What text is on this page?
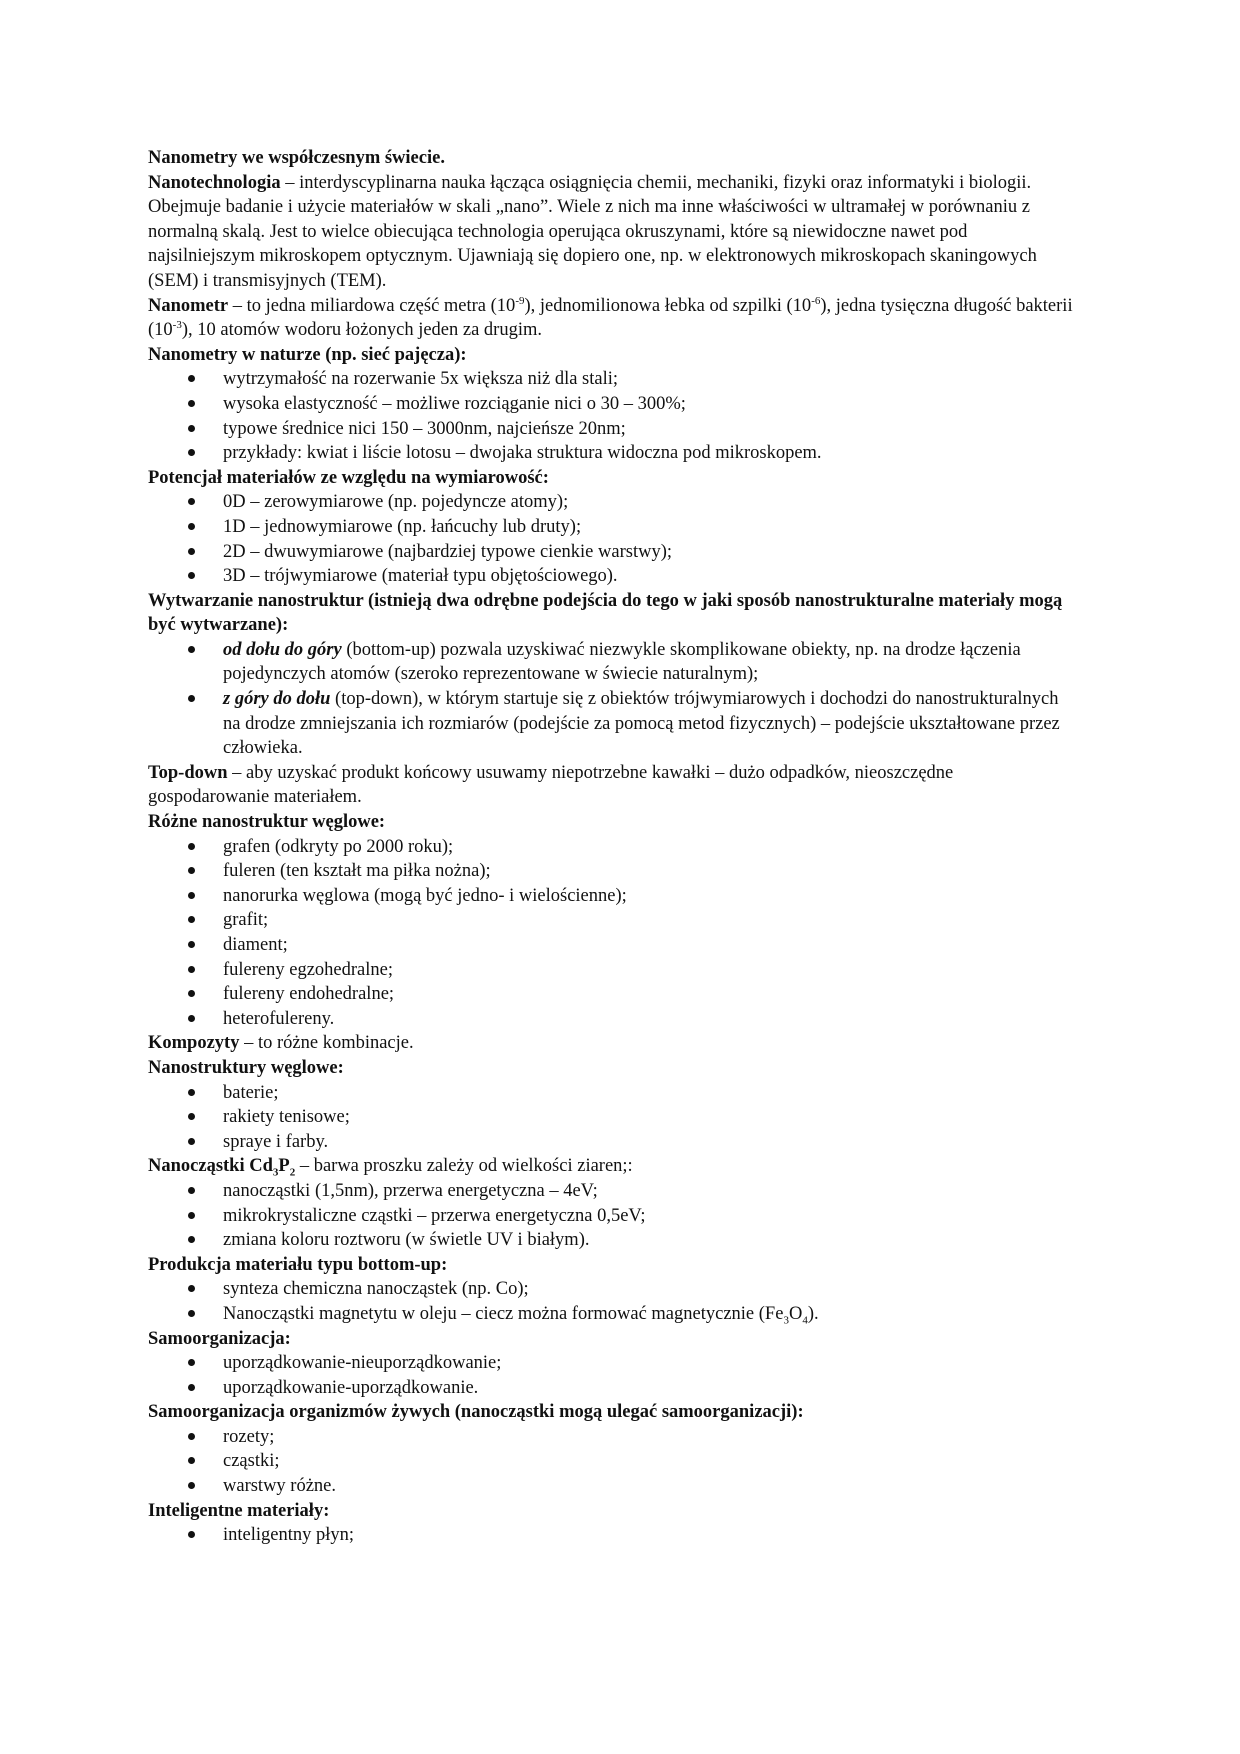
Nanometry we współczesnym świecie.

Nanotechnologia – interdyscyplinarna nauka łącząca osiągnięcia chemii, mechaniki, fizyki oraz informatyki i biologii.

Obejmuje badanie i użycie materiałów w skali „nano”. Wiele z nich ma inne właściwości w ultramałej w porównaniu z normalną skalą. Jest to wielce obiecująca technologia operująca okruszynami, które są niewidoczne nawet pod najsilniejszym mikroskopem optycznym. Ujawniają się dopiero one, np. w elektronowych mikroskopach skaningowych (SEM) i transmisyjnych (TEM).

Nanometr – to jedna miliardowa część metra $(10^{-9})$, jednomilionowa łebka od szpilki $(10^{-6})$, jedna tysięczna długość bakterii $(10^{-3})$, 10 atomów wodoru łożonych jeden za drugim.

Nanometry w naturze (np. sieć pajęcza):

wytrzymałość na rozerwanie 5x większa niż dla stali;
wysoka elastyczność – możliwe rozciąganie nici o 30 – 300%;
typowe średnice nici 150 – 3000nm, najcieńsze 20nm;
przykłady: kwiat i liście lotosu – dwojaka struktura widoczna pod mikroskopem.

Potencjał materiałów ze względu na wymiarowość:

0D – zerowymiarowe (np. pojedyncze atomy);
1D – jednowymiarowe (np. łańcuchy lub druty);
2D – dwuwymiarowe (najbardziej typowe cienkie warstwy);
3D – trójwymiarowe (materiał typu objętościowego).

Wytwarzanie nanostruktur (istnieją dwa odrębne podejścia do tego w jaki sposób nanostrukturalne materiały mogą być wytwarzane):

od dołu do góry (bottom-up) pozwala uzyskiwać niezwykle skomplikowane obiekty, np. na drodze łączenia pojedynczych atomów (szeroko reprezentowane w świecie naturalnym);
z góry do dołu (top-down), w którym startuje się z obiektów trójwymiarowych i dochodzi do nanostrukturalnych na drodze zmniejszania ich rozmiarów (podejście za pomocą metod fizycznych) – podejście ukształtowane przez człowieka.

Top-down – aby uzyskać produkt końcowy usuwamy niepotrzebne kawałki – dużo odpadków, nieoszczędne gospodarowanie materiałem.

Różne nanostruktur węglowe:

grafen (odkryty po 2000 roku);
fuleren (ten kształt ma piłka nożna);
nanorurka węglowa (mogą być jedno- i wielościenne);
grafit;
diament;
fulereny egzohedralne;
fulereny endohedralne;
heterofulereny.

Kompozyty – to różne kombinacje.

Nanostruktury węglowe:

baterie;
rakiety tenisowe;
spraye i farby.

Nanocząstki $Cd_3P_2$ – barwa proszku zależy od wielkości ziaren;:

nanocząstki (1,5nm), przerwa energetyczna – 4eV;
mikrokrystaliczne cząstki – przerwa energetyczna 0,5eV;
zmiana koloru roztworu (w świetle UV i białym).

Produkcja materiału typu bottom-up:

synteza chemiczna nanocząstek (np. Co);
Nanocząstki magnetytu w oleju – ciecz można formować magnetycznie $(Fe_3O_4)$.

Samoorganizacja:

uporządkowanie-nieuporządkowanie;
uporządkowanie-uporządkowanie.

Samoorganizacja organizmów żywych (nanocząstki mogą ulegać samoorganizacji):

rozety;
cząstki;
warstwy różne.

Inteligentne materiały:

inteligentny płyn;
